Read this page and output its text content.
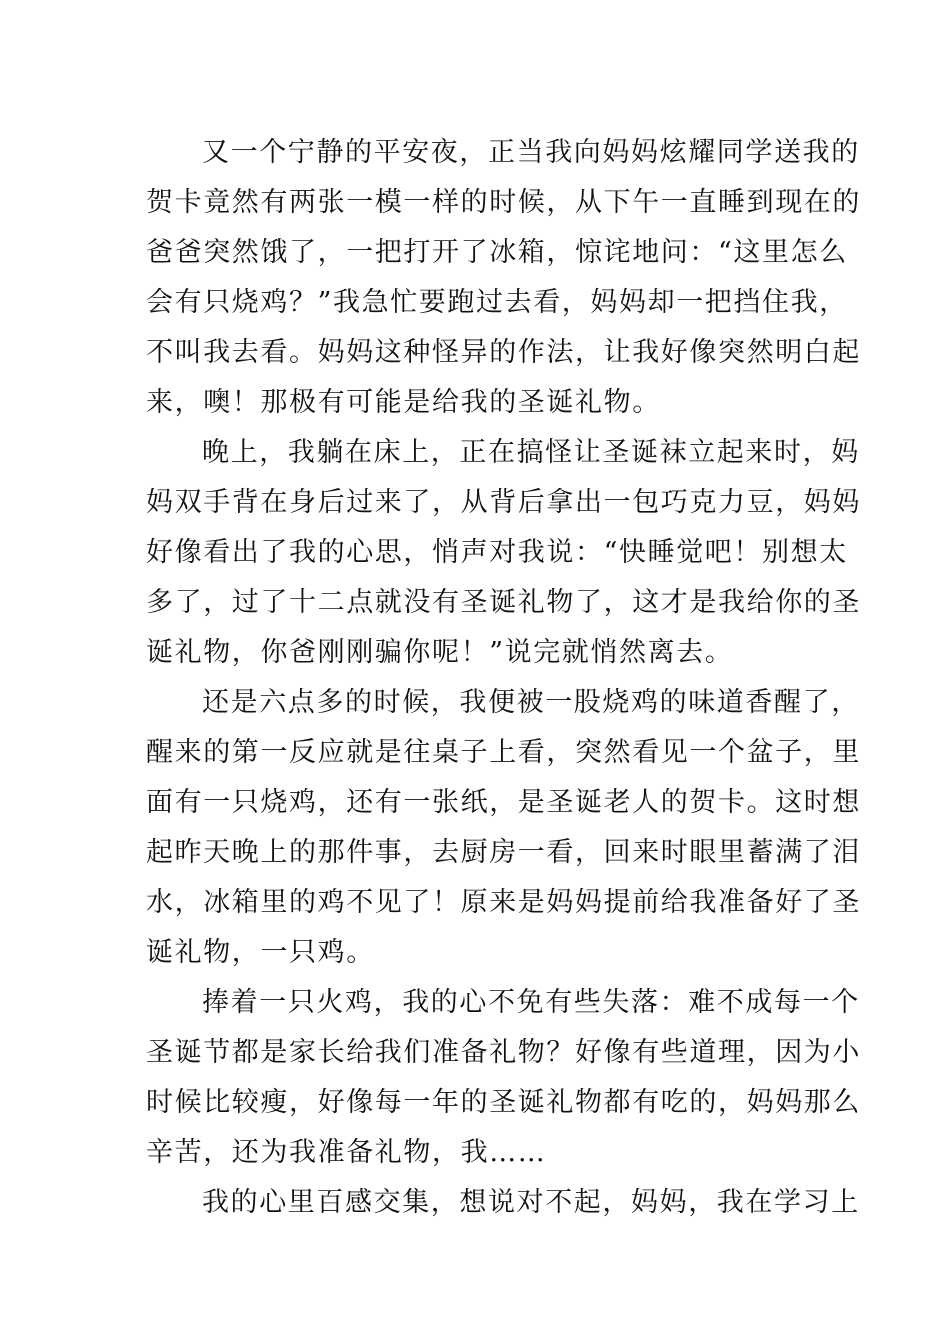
又一个宁静的平安夜，正当我向妈妈炫耀同学送我的
贺卡竟然有两张一模一样的时候，从下午一直睡到现在的
爸爸突然饿了，一把打开了冰箱，惊诧地问：“这里怎么
会有只烧鸡？”我急忙要跑过去看，妈妈却一把挡住我，
不叫我去看。妈妈这种怪异的作法，让我好像突然明白起
来，噢！那极有可能是给我的圣诞礼物。
晚上，我躺在床上，正在搞怪让圣诞袜立起来时，妈
妈双手背在身后过来了，从背后拿出一包巧克力豆，妈妈
好像看出了我的心思，悄声对我说：“快睡觉吧！别想太
多了，过了十二点就没有圣诞礼物了，这才是我给你的圣
诞礼物，你爸刚刚骗你呢！”说完就悄然离去。
还是六点多的时候，我便被一股烧鸡的味道香醒了，
醒来的第一反应就是往桌子上看，突然看见一个盆子，里
面有一只烧鸡，还有一张纸，是圣诞老人的贺卡。这时想
起昨天晚上的那件事，去厨房一看，回来时眼里蓄满了泪
水，冰箱里的鸡不见了！原来是妈妈提前给我准备好了圣
诞礼物，一只鸡。
捧着一只火鸡，我的心不免有些失落：难不成每一个
圣诞节都是家长给我们准备礼物？好像有些道理，因为小
时候比较瘦，好像每一年的圣诞礼物都有吃的，妈妈那么
辛苦，还为我准备礼物，我……
我的心里百感交集，想说对不起，妈妈，我在学习上
